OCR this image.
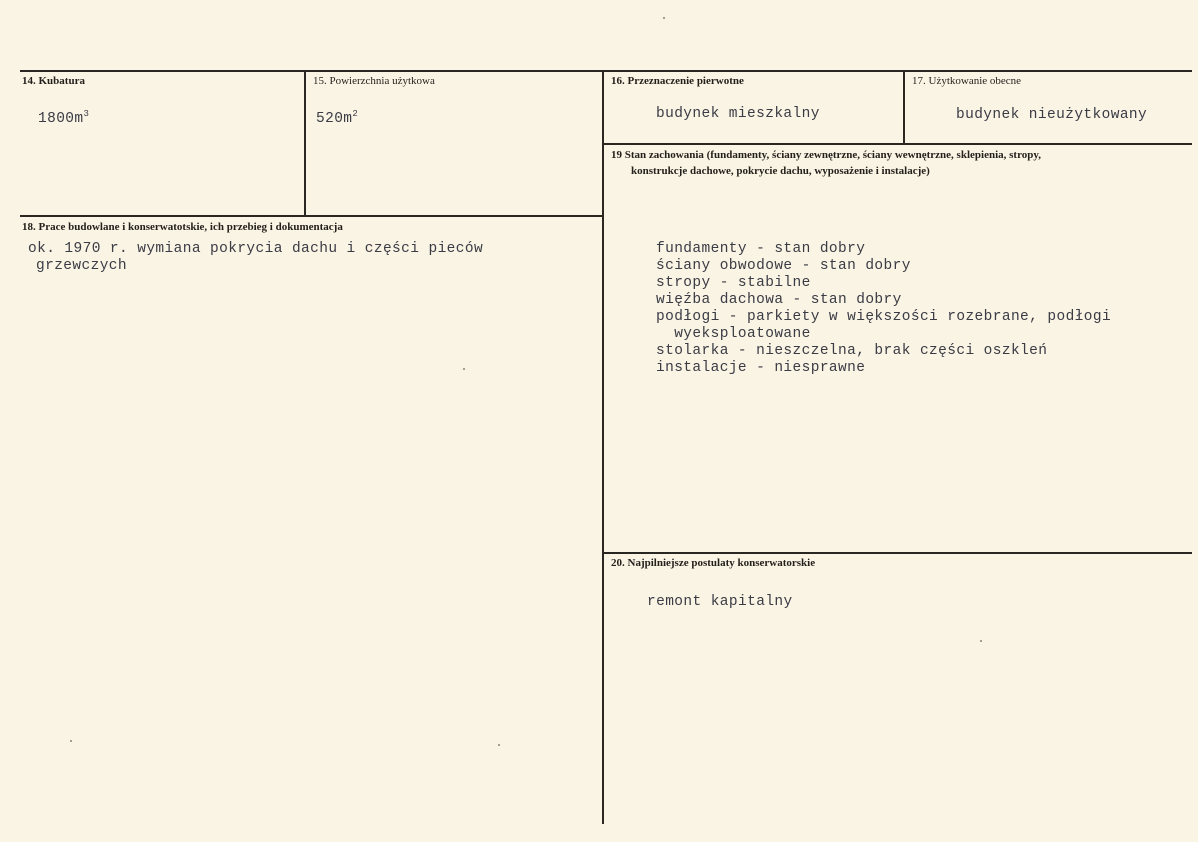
14. Kubatura
$1800m^3$
15. Powierzchnia użytkowa
$520m^2$
16. Przeznaczenie pierwotne
budynek mieszkalny
17. Użytkowanie obecne
budynek nieużytkowany
18. Prace budowlane i konserwatotskie, ich przebieg i dokumentacja
ok. 1970 r. wymiana pokrycia dachu i części pieców
grzewczych
19 Stan zachowania (fundamenty, ściany zewnętrzne, ściany wewnętrzne, sklepienia, stropy,
konstrukcje dachowe, pokrycie dachu, wyposażenie i instalacje)
fundamenty - stan dobry
ściany obwodowe - stan dobry
stropy - stabilne
więźba dachowa - stan dobry
podłogi - parkiety w większości rozebrane, podłogi
wyeksploatowane
stolarka - nieszczelna, brak części oszkleń
instalacje - niesprawne
20. Najpilniejsze postulaty konserwatorskie
remont kapitalny
